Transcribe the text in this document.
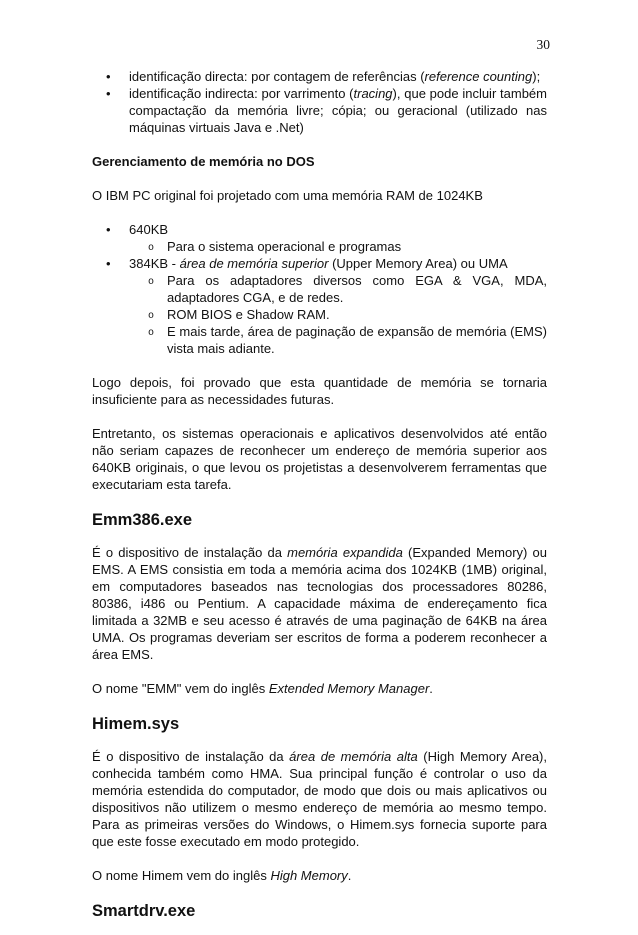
30
• identificação directa: por contagem de referências (reference counting);
• identificação indirecta: por varrimento (tracing), que pode incluir também compactação da memória livre; cópia; ou geracional (utilizado nas máquinas virtuais Java e .Net)

Gerenciamento de memória no DOS

O IBM PC original foi projetado com uma memória RAM de 1024KB

• 640KB
o Para o sistema operacional e programas
• 384KB - área de memória superior (Upper Memory Area) ou UMA
o Para os adaptadores diversos como EGA & VGA, MDA, adaptadores CGA, e de redes.
o ROM BIOS e Shadow RAM.
o E mais tarde, área de paginação de expansão de memória (EMS) vista mais adiante.

Logo depois, foi provado que esta quantidade de memória se tornaria insuficiente para as necessidades futuras.

Entretanto, os sistemas operacionais e aplicativos desenvolvidos até então não seriam capazes de reconhecer um endereço de memória superior aos 640KB originais, o que levou os projetistas a desenvolverem ferramentas que executariam esta tarefa.

Emm386.exe

É o dispositivo de instalação da memória expandida (Expanded Memory) ou EMS. A EMS consistia em toda a memória acima dos 1024KB (1MB) original, em computadores baseados nas tecnologias dos processadores 80286, 80386, i486 ou Pentium. A capacidade máxima de endereçamento fica limitada a 32MB e seu acesso é através de uma paginação de 64KB na área UMA. Os programas deveriam ser escritos de forma a poderem reconhecer a área EMS.

O nome "EMM" vem do inglês Extended Memory Manager.

Himem.sys

É o dispositivo de instalação da área de memória alta (High Memory Area), conhecida também como HMA. Sua principal função é controlar o uso da memória estendida do computador, de modo que dois ou mais aplicativos ou dispositivos não utilizem o mesmo endereço de memória ao mesmo tempo. Para as primeiras versões do Windows, o Himem.sys fornecia suporte para que este fosse executado em modo protegido.

O nome Himem vem do inglês High Memory.

Smartdrv.exe
